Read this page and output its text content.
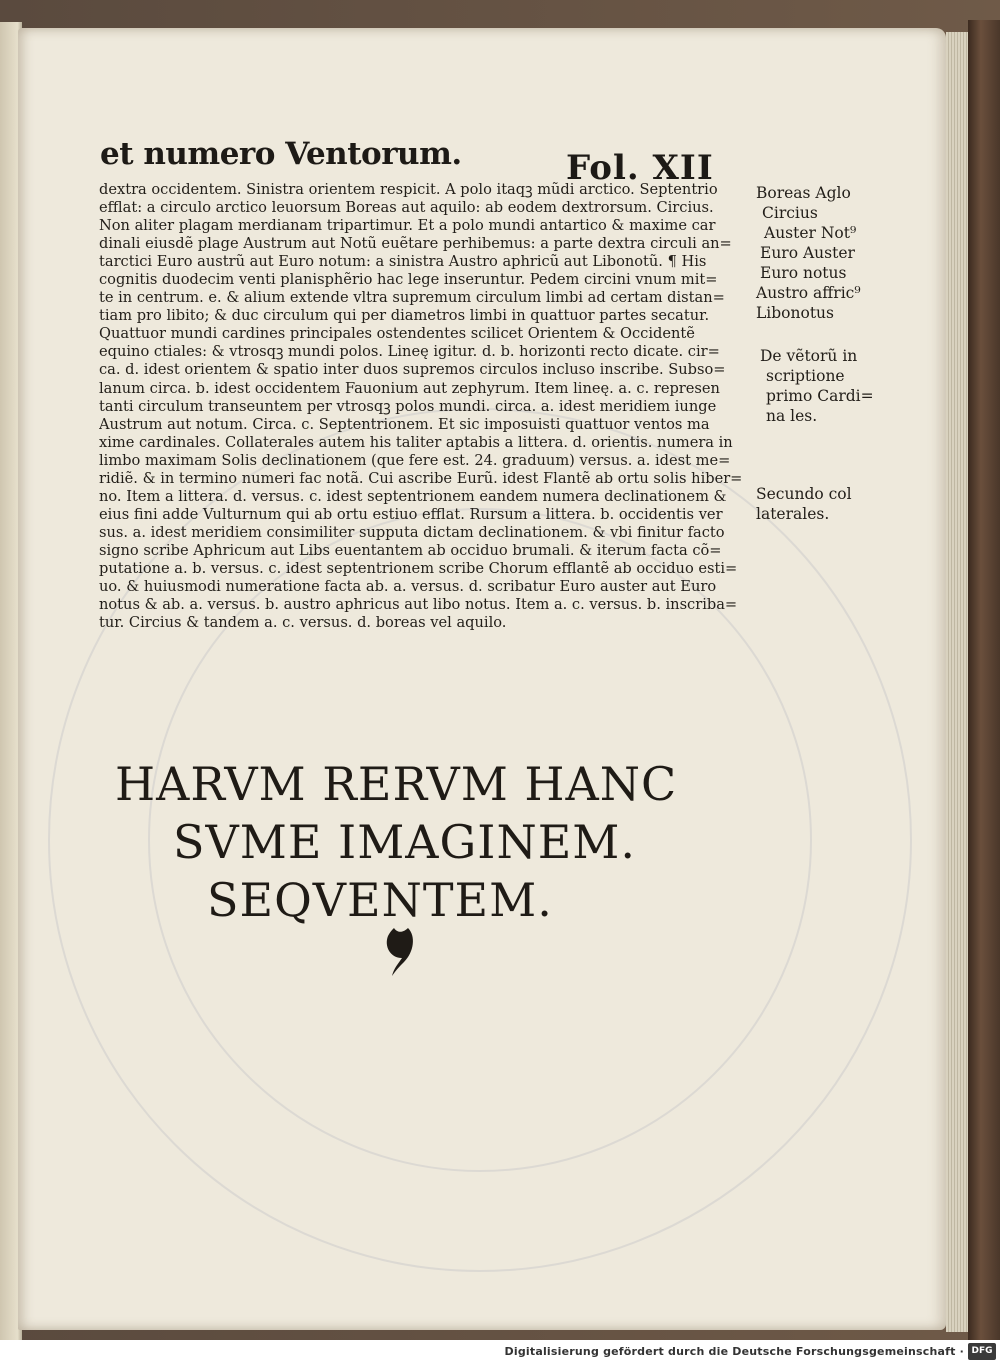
et numero Ventorum.	Fol. XII
dextra occidentem. Sinistra orientem respicit. A polo itaqꝫ mũdi arctico. Septentrio
efflat: a circulo arctico leuorsum Boreas aut aquilo: ab eodem dextrorsum. Circius.
Non aliter plagam merdianam tripartimur. Et a polo mundi antartico & maxime car
dinali eiusdẽ plage Austrum aut Notũ euẽtare perhibemus: a parte dextra circuli an=
tarctici Euro austrũ aut Euro notum: a sinistra Austro aphricũ aut Libonotũ. ¶ His
cognitis duodecim venti planisphẽrio hac lege inseruntur. Pedem circini vnum mit=
te in centrum. e. & alium extende vltra supremum circulum limbi ad certam distan=
tiam pro libito; & duc circulum qui per diametros limbi in quattuor partes secatur.
Quattuor mundi cardines principales ostendentes scilicet Orientem & Occidentẽ
equino ctiales: & vtrosqꝫ mundi polos. Lineę igitur. d. b. horizonti recto dicate. cir=
ca. d. idest orientem & spatio inter duos supremos circulos incluso inscribe. Subso=
lanum circa. b. idest occidentem Fauonium aut zephyrum. Item lineę. a. c. represen
tanti circulum transeuntem per vtrosqꝫ polos mundi. circa. a. idest meridiem iunge
Austrum aut notum. Circa. c. Septentrionem. Et sic imposuisti quattuor ventos ma
xime cardinales. Collaterales autem his taliter aptabis a littera. d. orientis. numera in
limbo maximam Solis declinationem (que fere est. 24. graduum) versus. a. idest me=
ridiẽ. & in termino numeri fac notã. Cui ascribe Eurũ. idest Flantẽ ab ortu solis hiber=
no. Item a littera. d. versus. c. idest septentrionem eandem numera declinationem &
eius fini adde Vulturnum qui ab ortu estiuo efflat. Rursum a littera. b. occidentis ver
sus. a. idest meridiem consimiliter supputa dictam declinationem. & vbi finitur facto
signo scribe Aphricum aut Libs euentantem ab occiduo brumali. & iterum facta cõ=
putatione a. b. versus. c. idest septentrionem scribe Chorum efflantẽ ab occiduo esti=
uo. & huiusmodi numeratione facta ab. a. versus. d. scribatur Euro auster aut Euro
notus & ab. a. versus. b. austro aphricus aut libo notus. Item a. c. versus. b. inscriba=
tur. Circius & tandem a. c. versus. d. boreas vel aquilo.
Boreas Aglo
Circius
Auster Not⁹
Euro Auster
Euro notus
Austro affric⁹
Libonotus
De vẽtorũ in
scriptione
primo Cardi=
na les.
Secundo col
laterales.
HARVM RERVM HANC
SVME IMAGINEM.
SEQVENTEM.
Digitalisierung gefördert durch die Deutsche Forschungsgemeinschaft · DFG
